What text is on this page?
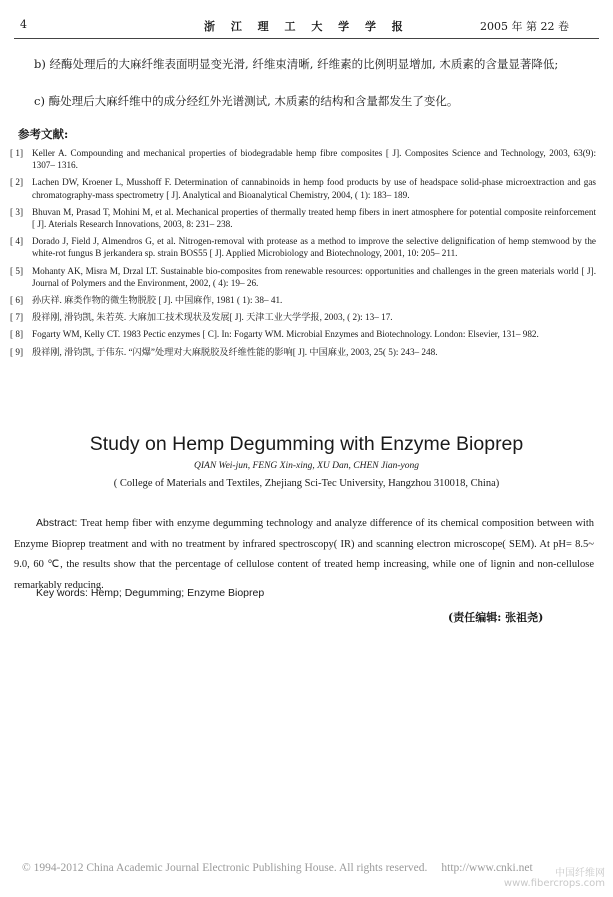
4	浙 江 理 工 大 学 学 报	2005 年 第 22 卷
b) 经酶处理后的大麻纤维表面明显变光滑, 纤维束清晰, 纤维素的比例明显增加, 木质素的含量显著降低;
c) 酶处理后大麻纤维中的成分经红外光谱测试, 木质素的结构和含量都发生了变化。
参考文献:
[ 1] Keller A. Compounding and mechanical properties of biodegradable hemp fibre composites [ J]. Composites Science and Technology, 2003, 63(9): 1307– 1316.
[ 2] Lachen DW, Kroener L, Musshoff F. Determination of cannabinoids in hemp food products by use of headspace solid-phase microextraction and gas chromatography-mass spectrometry [ J]. Analytical and Bioanalytical Chemistry, 2004, ( 1): 183– 189.
[ 3] Bhuvan M, Prasad T, Mohini M, et al. Mechanical properties of thermally treated hemp fibers in inert atmosphere for potential composite reinforcement [ J]. Aterials Research Innovations, 2003, 8: 231– 238.
[ 4] Dorado J, Field J, Almendros G, et al. Nitrogen-removal with protease as a method to improve the selective delignification of hemp stemwood by the white-rot fungus B jerkandera sp. strain BOS55 [ J]. Applied Microbiology and Biotechnology, 2001, 10: 205– 211.
[ 5] Mohanty AK, Misra M, Drzal LT. Sustainable bio-composites from renewable resources: opportunities and challenges in the green materials world [ J]. Journal of Polymers and the Environment, 2002, ( 4): 19– 26.
[ 6] 孙庆祥. 麻类作物的微生物脱胶 [ J]. 中国麻作, 1981 ( 1): 38– 41.
[ 7] 殷祥刚, 滑钧凯, 朱若英. 大麻加工技术现状及发展[ J]. 天津工业大学学报, 2003, ( 2): 13– 17.
[ 8] Fogarty WM, Kelly CT. 1983 Pectic enzymes [ C]. In: Fogarty WM. Microbial Enzymes and Biotechnology. London: Elsevier, 131– 982.
[ 9] 殷祥刚, 滑钧凯, 于伟东. “闪爆”处理对大麻脱胶及纤维性能的影响[ J]. 中国麻业, 2003, 25( 5): 243– 248.
Study on Hemp Degumming with Enzyme Bioprep
QIAN Wei-jun, FENG Xin-xing, XU Dan, CHEN Jian-yong
( College of Materials and Textiles, Zhejiang Sci-Tec University, Hangzhou 310018, China)
Abstract: Treat hemp fiber with enzyme degumming technology and analyze difference of its chemical composition between with Enzyme Bioprep treatment and with no treatment by infrared spectroscopy( IR) and scanning electron microscope( SEM). At pH= 8.5~ 9.0, 60 ℃, the results show that the percentage of cellulose content of treated hemp increasing, while one of lignin and non-cellulose remarkably reducing.
Key words: Hemp; Degumming; Enzyme Bioprep
(责任编辑: 张祖尧)
© 1994-2012 China Academic Journal Electronic Publishing House. All rights reserved. http://www.cnki.net 中国纤维网
www.fibercrops.com
